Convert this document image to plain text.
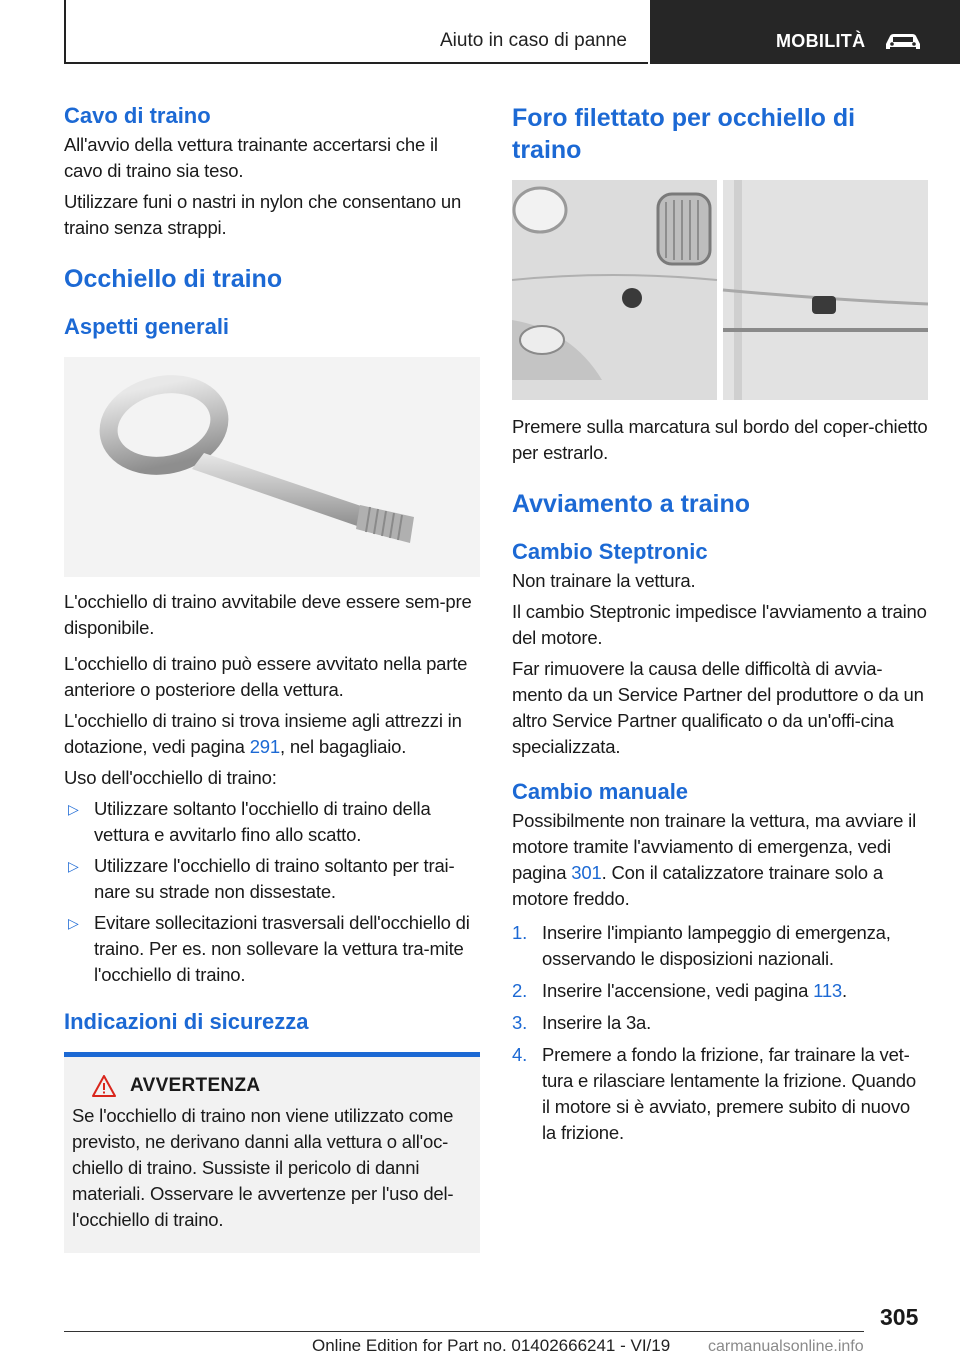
Aiuto in caso di panne	MOBILITÀ
Cavo di traino

All'avvio della vettura trainante accertarsi che il cavo di traino sia teso.

Utilizzare funi o nastri in nylon che consentano un traino senza strappi.

Occhiello di traino
Aspetti generali

L'occhiello di traino avvitabile deve essere sem‐pre disponibile.

L'occhiello di traino può essere avvitato nella parte anteriore o posteriore della vettura.

L'occhiello di traino si trova insieme agli attrezzi in dotazione, vedi pagina 291, nel bagagliaio.

Uso dell'occhiello di traino:

▷ Utilizzare soltanto l'occhiello di traino della vettura e avvitarlo fino allo scatto.
▷ Utilizzare l'occhiello di traino soltanto per trai‐nare su strade non dissestate.
▷ Evitare sollecitazioni trasversali dell'occhiello di traino. Per es. non sollevare la vettura tra‐mite l'occhiello di traino.
Indicazioni di sicurezza
AVVERTENZA
Se l'occhiello di traino non viene utilizzato come previsto, ne derivano danni alla vettura o all'oc‐chiello di traino. Sussiste il pericolo di danni materiali. Osservare le avvertenze per l'uso del‐l'occhiello di traino.
Foro filettato per occhiello di traino

Premere sulla marcatura sul bordo del coper‐chietto per estrarlo.

Avviamento a traino
Cambio Steptronic

Non trainare la vettura.

Il cambio Steptronic impedisce l'avviamento a traino del motore.

Far rimuovere la causa delle difficoltà di avvia‐mento da un Service Partner del produttore o da un altro Service Partner qualificato o da un'offi‐cina specializzata.

Cambio manuale

Possibilmente non trainare la vettura, ma avviare il motore tramite l'avviamento di emergenza, vedi pagina 301. Con il catalizzatore trainare solo a motore freddo.

1. Inserire l'impianto lampeggio di emergenza, osservando le disposizioni nazionali.
2. Inserire l'accensione, vedi pagina 113.
3. Inserire la 3a.
4. Premere a fondo la frizione, far trainare la vet‐tura e rilasciare lentamente la frizione. Quando il motore si è avviato, premere subito di nuovo la frizione.
305
Online Edition for Part no. 01402666241 - VI/19 carmanualsonline.info
